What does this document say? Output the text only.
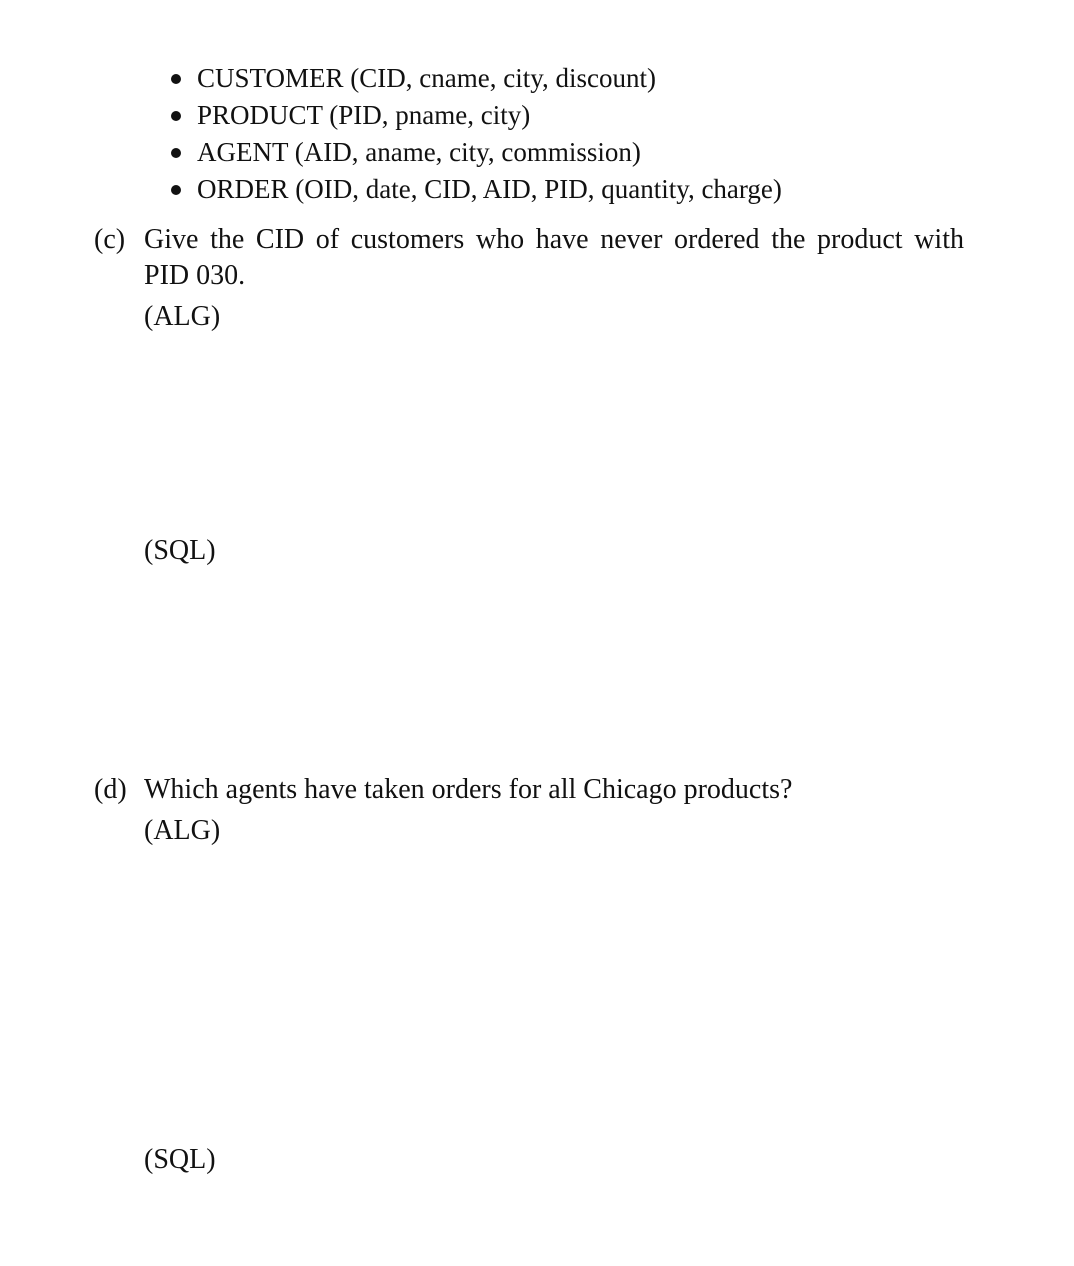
CUSTOMER (CID, cname, city, discount)
PRODUCT (PID, pname, city)
AGENT (AID, aname, city, commission)
ORDER (OID, date, CID, AID, PID, quantity, charge)
(c) Give the CID of customers who have never ordered the product with PID 030.
(ALG)
(SQL)
(d) Which agents have taken orders for all Chicago products?
(ALG)
(SQL)
